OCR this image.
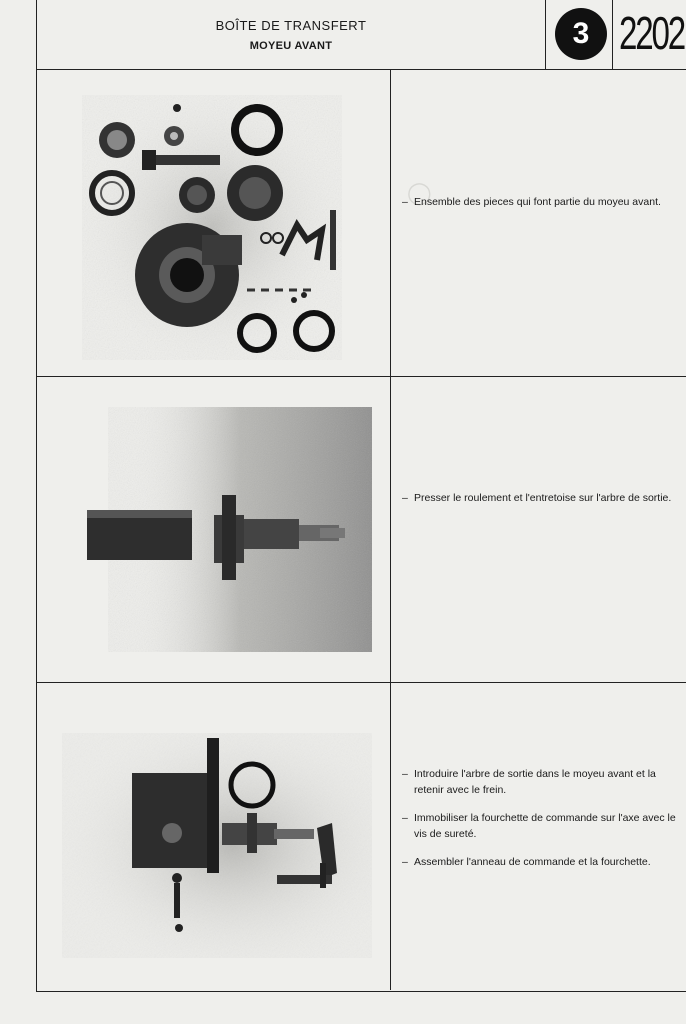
BOÎTE DE TRANSFERT
MOYEU AVANT	3 2202
◯

– Ensemble des pieces qui font partie du moyeu avant.

– Presser le roulement et l'entretoise sur l'arbre de sortie.

– Introduire l'arbre de sortie dans le moyeu avant et la retenir avec le frein.

– Immobiliser la fourchette de commande sur l'axe avec le vis de sureté.

– Assembler l'anneau de commande et la fourchette.
